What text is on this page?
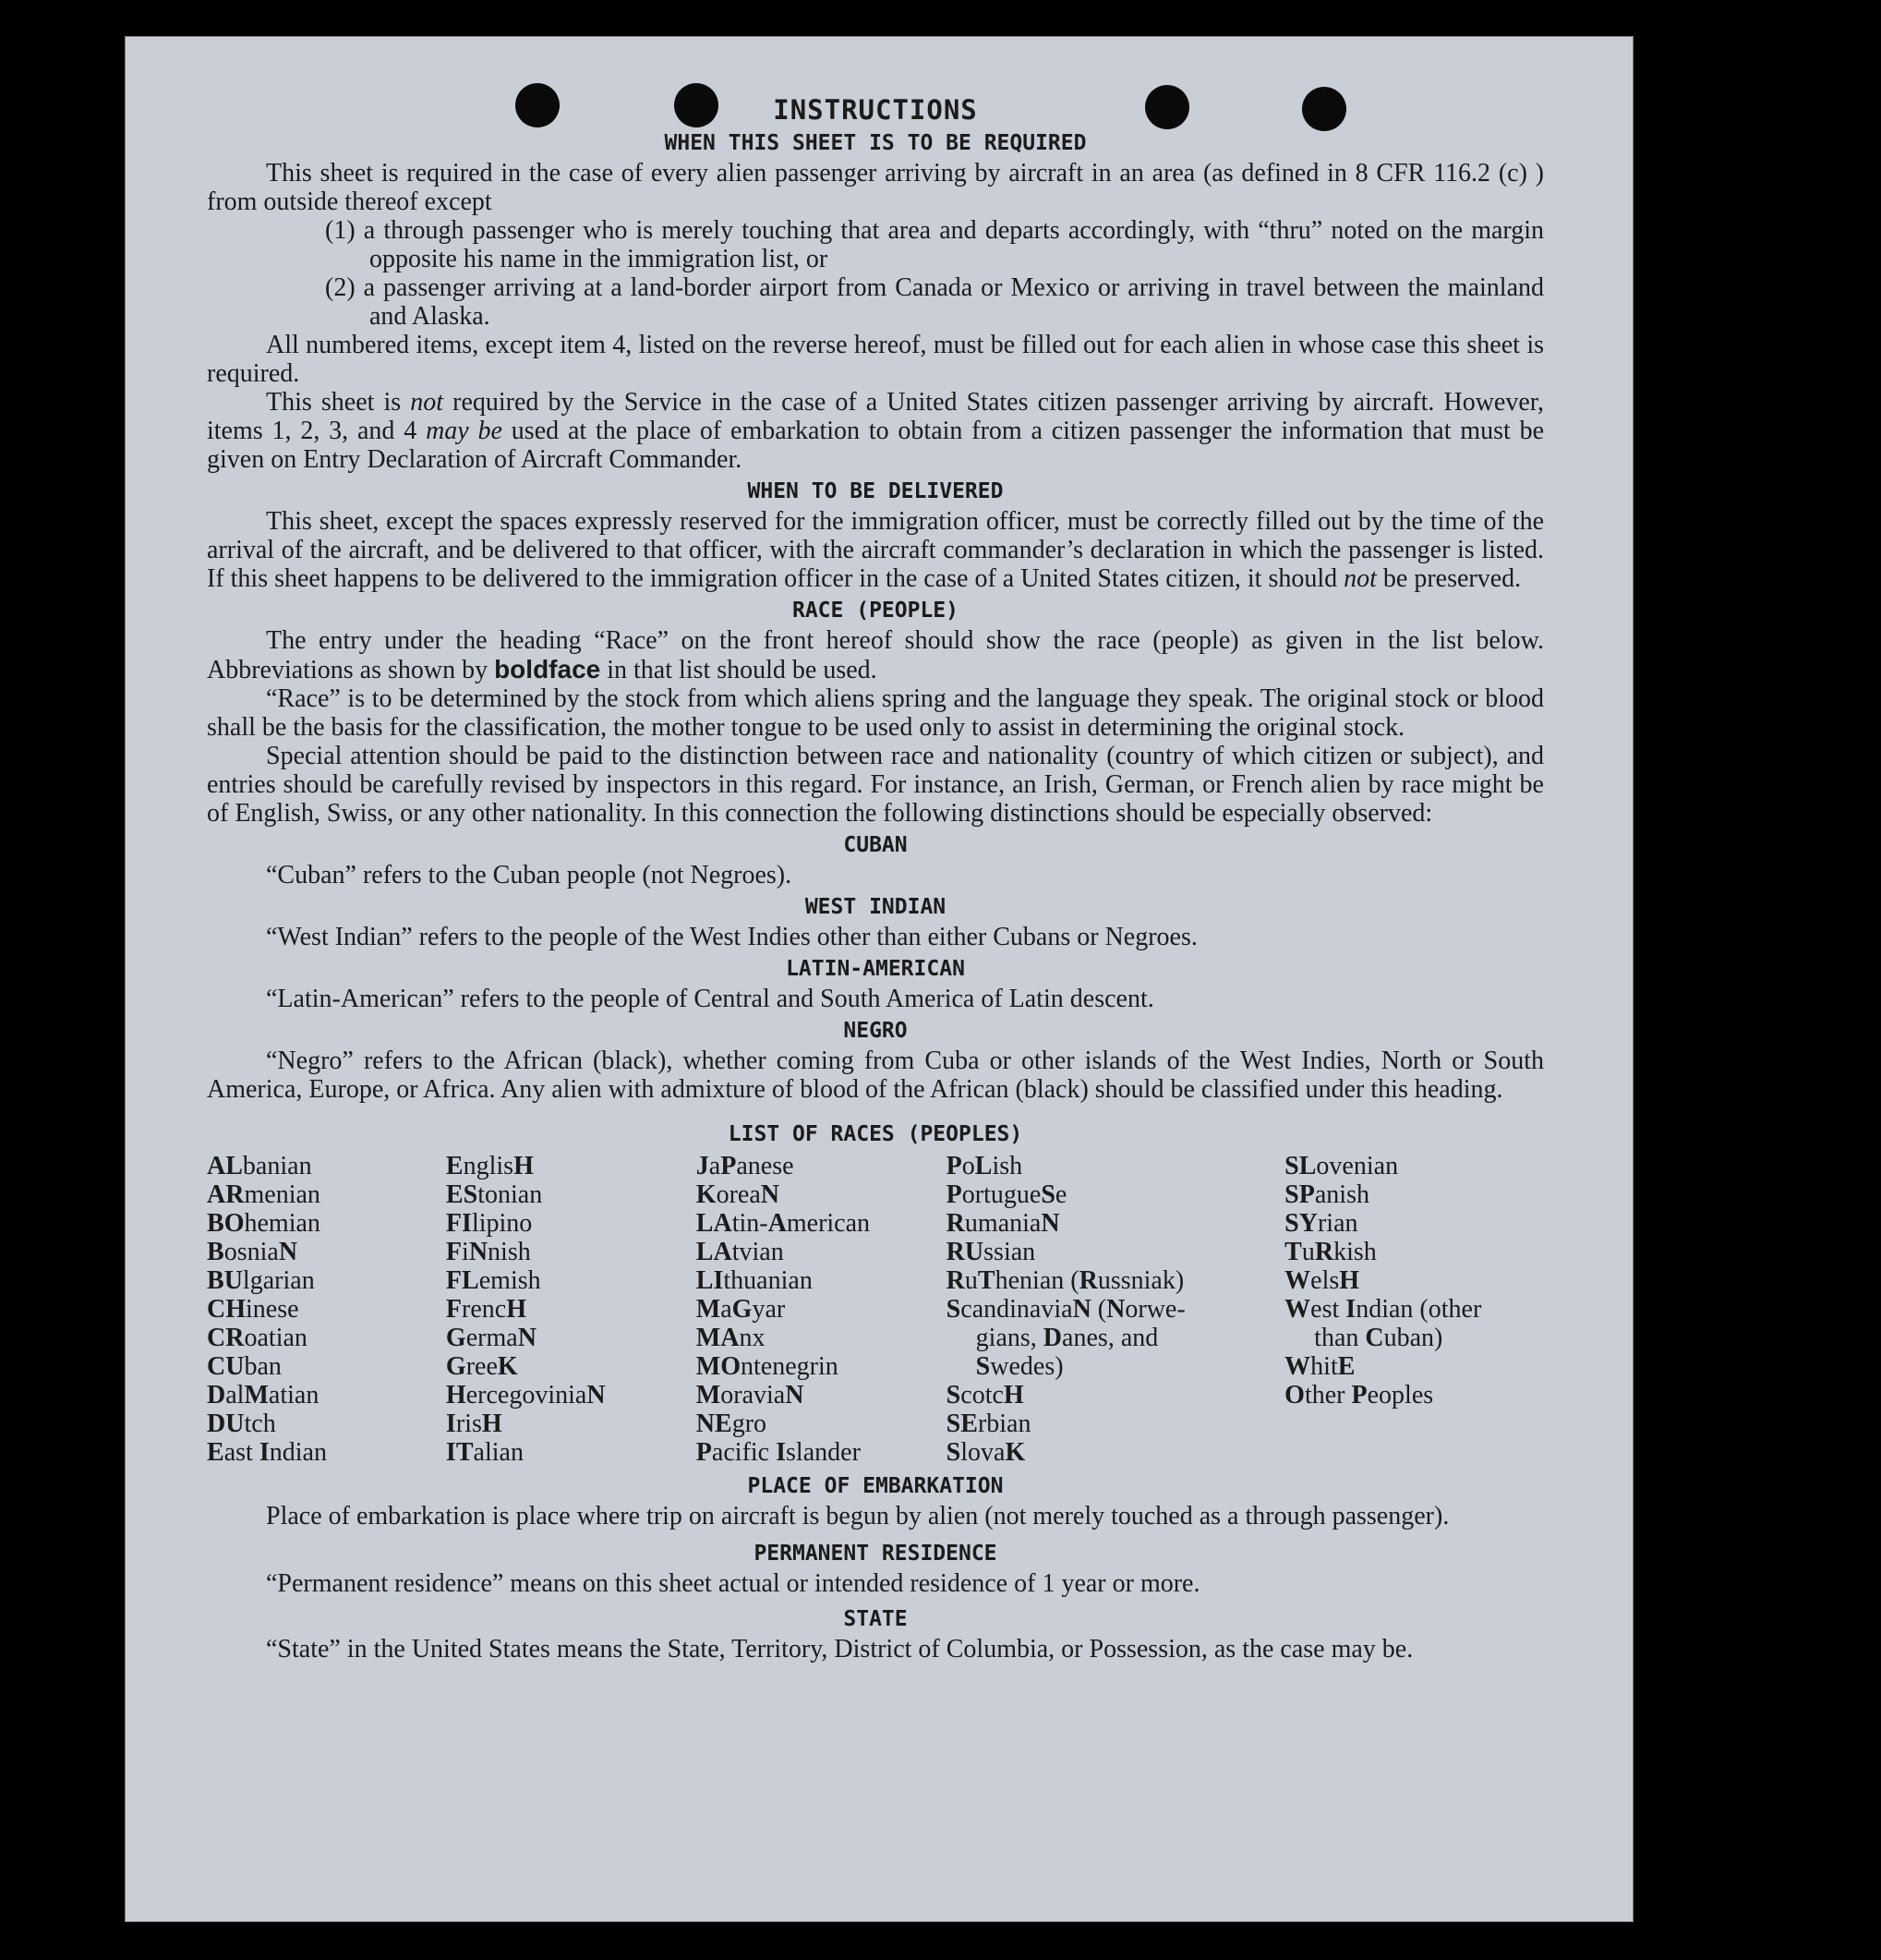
INSTRUCTIONS
WHEN THIS SHEET IS TO BE REQUIRED

This sheet is required in the case of every alien passenger arriving by aircraft in an area (as defined in 8 CFR 116.2 (c) ) from outside thereof except

(1) a through passenger who is merely touching that area and departs accordingly, with “thru” noted on the margin opposite his name in the immigration list, or

(2) a passenger arriving at a land-border airport from Canada or Mexico or arriving in travel between the mainland and Alaska.

All numbered items, except item 4, listed on the reverse hereof, must be filled out for each alien in whose case this sheet is required.

This sheet is not required by the Service in the case of a United States citizen passenger arriving by aircraft. However, items 1, 2, 3, and 4 may be used at the place of embarkation to obtain from a citizen passenger the information that must be given on Entry Declaration of Aircraft Commander.

WHEN TO BE DELIVERED

This sheet, except the spaces expressly reserved for the immigration officer, must be correctly filled out by the time of the arrival of the aircraft, and be delivered to that officer, with the aircraft commander’s declaration in which the passenger is listed. If this sheet happens to be delivered to the immigration officer in the case of a United States citizen, it should not be preserved.

RACE (PEOPLE)

The entry under the heading “Race” on the front hereof should show the race (people) as given in the list below. Abbreviations as shown by boldface in that list should be used.

“Race” is to be determined by the stock from which aliens spring and the language they speak. The original stock or blood shall be the basis for the classification, the mother tongue to be used only to assist in determining the original stock.

Special attention should be paid to the distinction between race and nationality (country of which citizen or subject), and entries should be carefully revised by inspectors in this regard. For instance, an Irish, German, or French alien by race might be of English, Swiss, or any other nationality. In this connection the following distinctions should be especially observed:

CUBAN

“Cuban” refers to the Cuban people (not Negroes).

WEST INDIAN

“West Indian” refers to the people of the West Indies other than either Cubans or Negroes.

LATIN-AMERICAN

“Latin-American” refers to the people of Central and South America of Latin descent.

NEGRO

“Negro” refers to the African (black), whether coming from Cuba or other islands of the West Indies, North or South America, Europe, or Africa. Any alien with admixture of blood of the African (black) should be classified under this heading.

LIST OF RACES (PEOPLES)
ALbanian
ARmenian
BOhemian
BosniaN
BUlgarian
CHinese
CRoatian
CUban
DalMatian
DUtch
East Indian
EnglisH
EStonian
FIlipino
FiNnish
FLemish
FrencH
GermaN
GreeK
HercegoviniaN
IrisH
ITalian
JaPanese
KoreaN
LAtin-American
LAtvian
LIthuanian
MaGyar
MAnx
MOntenegrin
MoraviaN
NEgro
Pacific Islander
PoLish
PortugueSe
RumaniaN
RUssian
RuThenian (Russniak)
ScandinaviaN (Norwe-
gians, Danes, and
Swedes)
ScotcH
SErbian
SlovaK
SLovenian
SPanish
SYrian
TuRkish
WelsH
West Indian (other
than Cuban)
WhitE
Other Peoples
PLACE OF EMBARKATION

Place of embarkation is place where trip on aircraft is begun by alien (not merely touched as a through passenger).

PERMANENT RESIDENCE

“Permanent residence” means on this sheet actual or intended residence of 1 year or more.

STATE

“State” in the United States means the State, Territory, District of Columbia, or Possession, as the case may be.
